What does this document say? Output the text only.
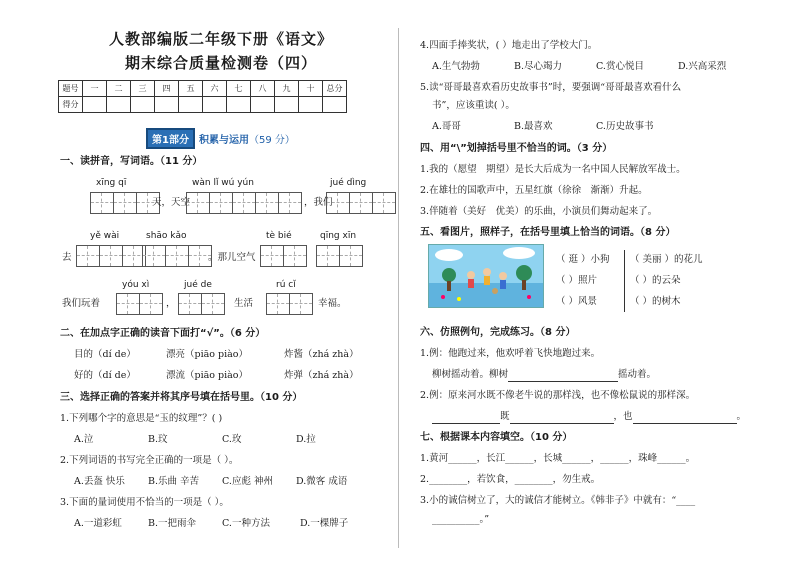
人教部编版二年级下册《语文》
期末综合质量检测卷（四）
题号	一	二	三	四	五	六	七	八	九	十	总分
得分											
第1部分 积累与运用（59 分）
一、读拼音，写词语。（11 分）
xīng qī
天，天空
wàn lǐ wú yún
，我们
jué dìng
去
yě wài	shāo kǎo
。那儿空气
tè bié	qīng xīn
我们玩着
yóu xì
，
jué de
生活
rú cǐ
幸福。
二、在加点字正确的读音下面打“√”。（6 分）
目的（dí de）	漂亮（piāo piào）	炸酱（zhá zhà）
好的（dí de）	漂流（piāo piào）	炸弹（zhá zhà）
三、选择正确的答案并将其序号填在括号里。（10 分）
1.下列哪个字的意思是“玉的纹理”？( )
A.泣	B.玟	C.玫	D.拉
2.下列词语的书写完全正确的一项是（ ）。
A.丢盔 快乐 B.乐曲 辛苦 C.应彪 神州 D.微客 成语
3.下面的量词使用不恰当的一项是（ ）。
A.一道彩虹	B.一把雨伞	C.一种方法	D.一棵牌子
4.四面手捧奖状，( ）地走出了学校大门。
A.生气勃勃	B.尽心竭力	C.赏心悦目	D.兴高采烈
5.读“哥哥最喜欢看历史故事书”时，要强调“哥哥最喜欢看什么
书”，应该重读( ）。
A.哥哥	B.最喜欢	C.历史故事书
四、用“\”划掉括号里不恰当的词。（3 分）
1.我的（愿望　期望）是长大后成为一名中国人民解放军战士。
2.在雄壮的国歌声中，五星红旗（徐徐　渐渐）升起。
3.伴随着（美好　优美）的乐曲，小演员们舞动起来了。
五、看图片，照样子，在括号里填上恰当的词语。（8 分）
（ 逛 ）小狗
（ ）照片
（ ）风景
（ 美丽 ）的花儿
（ ）的云朵
（ ）的树木
六、仿照例句，完成练习。（8 分）
1.例：他跑过来，他欢呼着飞快地跑过来。
柳树摇动着。柳树	摇动着。
2.例：原来河水既不像老牛说的那样浅，也不像松鼠说的那样深。
既	，也	。
七、根据课本内容填空。（10 分）
1.黄河______，长江______，长城______，______，珠峰______。
2.________，若饮食，________，勿生戒。
3.小的诚信树立了，大的诚信才能树立。《韩非子》中就有：“____
__________。”
